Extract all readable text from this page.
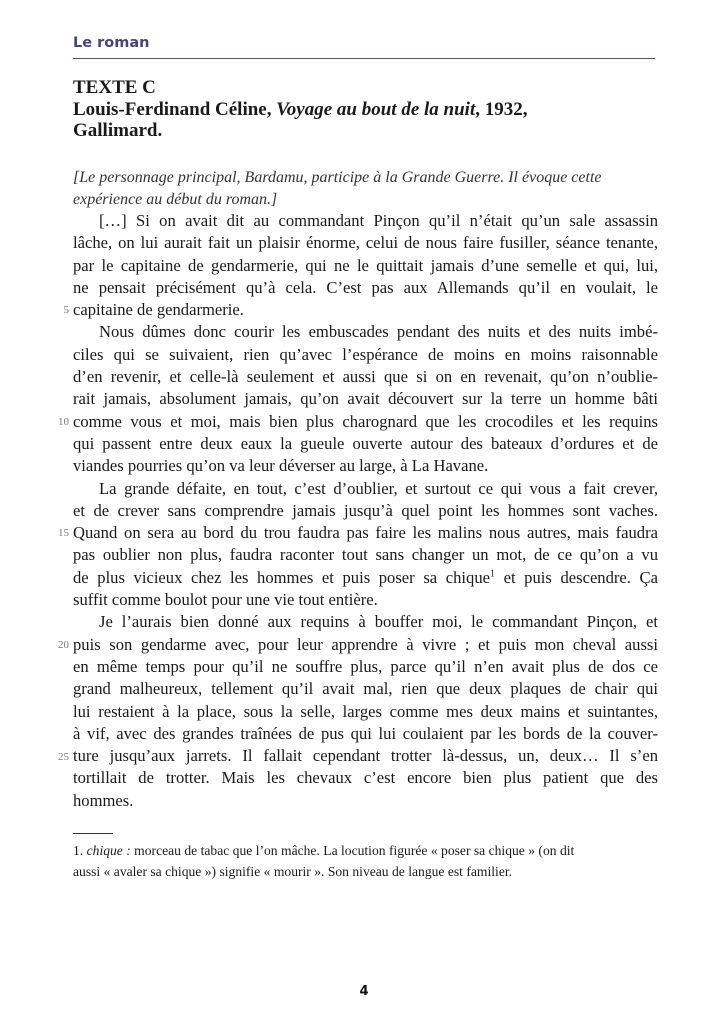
Le roman
TEXTE C
Louis-Ferdinand Céline, Voyage au bout de la nuit, 1932,
Gallimard.
[Le personnage principal, Bardamu, participe à la Grande Guerre. Il évoque cette
expérience au début du roman.]
[…] Si on avait dit au commandant Pinçon qu’il n’était qu’un sale assassin
lâche, on lui aurait fait un plaisir énorme, celui de nous faire fusiller, séance tenante,
par le capitaine de gendarmerie, qui ne le quittait jamais d’une semelle et qui, lui,
ne pensait précisément qu’à cela. C’est pas aux Allemands qu’il en voulait, le
capitaine de gendarmerie.
Nous dûmes donc courir les embuscades pendant des nuits et des nuits imbé-
ciles qui se suivaient, rien qu’avec l’espérance de moins en moins raisonnable
d’en revenir, et celle-là seulement et aussi que si on en revenait, qu’on n’oublie-
rait jamais, absolument jamais, qu’on avait découvert sur la terre un homme bâti
comme vous et moi, mais bien plus charognard que les crocodiles et les requins
qui passent entre deux eaux la gueule ouverte autour des bateaux d’ordures et de
viandes pourries qu’on va leur déverser au large, à La Havane.
La grande défaite, en tout, c’est d’oublier, et surtout ce qui vous a fait crever,
et de crever sans comprendre jamais jusqu’à quel point les hommes sont vaches.
Quand on sera au bord du trou faudra pas faire les malins nous autres, mais faudra
pas oublier non plus, faudra raconter tout sans changer un mot, de ce qu’on a vu
de plus vicieux chez les hommes et puis poser sa chique$^1$ et puis descendre. Ça
suffit comme boulot pour une vie tout entière.
Je l’aurais bien donné aux requins à bouffer moi, le commandant Pinçon, et
puis son gendarme avec, pour leur apprendre à vivre ; et puis mon cheval aussi
en même temps pour qu’il ne souffre plus, parce qu’il n’en avait plus de dos ce
grand malheureux, tellement qu’il avait mal, rien que deux plaques de chair qui
lui restaient à la place, sous la selle, larges comme mes deux mains et suintantes,
à vif, avec des grandes traînées de pus qui lui coulaient par les bords de la couver-
ture jusqu’aux jarrets. Il fallait cependant trotter là-dessus, un, deux… Il s’en
tortillait de trotter. Mais les chevaux c’est encore bien plus patient que des
hommes.
5
10
15
20
25
1. chique : morceau de tabac que l’on mâche. La locution figurée « poser sa chique » (on dit
aussi « avaler sa chique ») signifie « mourir ». Son niveau de langue est familier.
4
